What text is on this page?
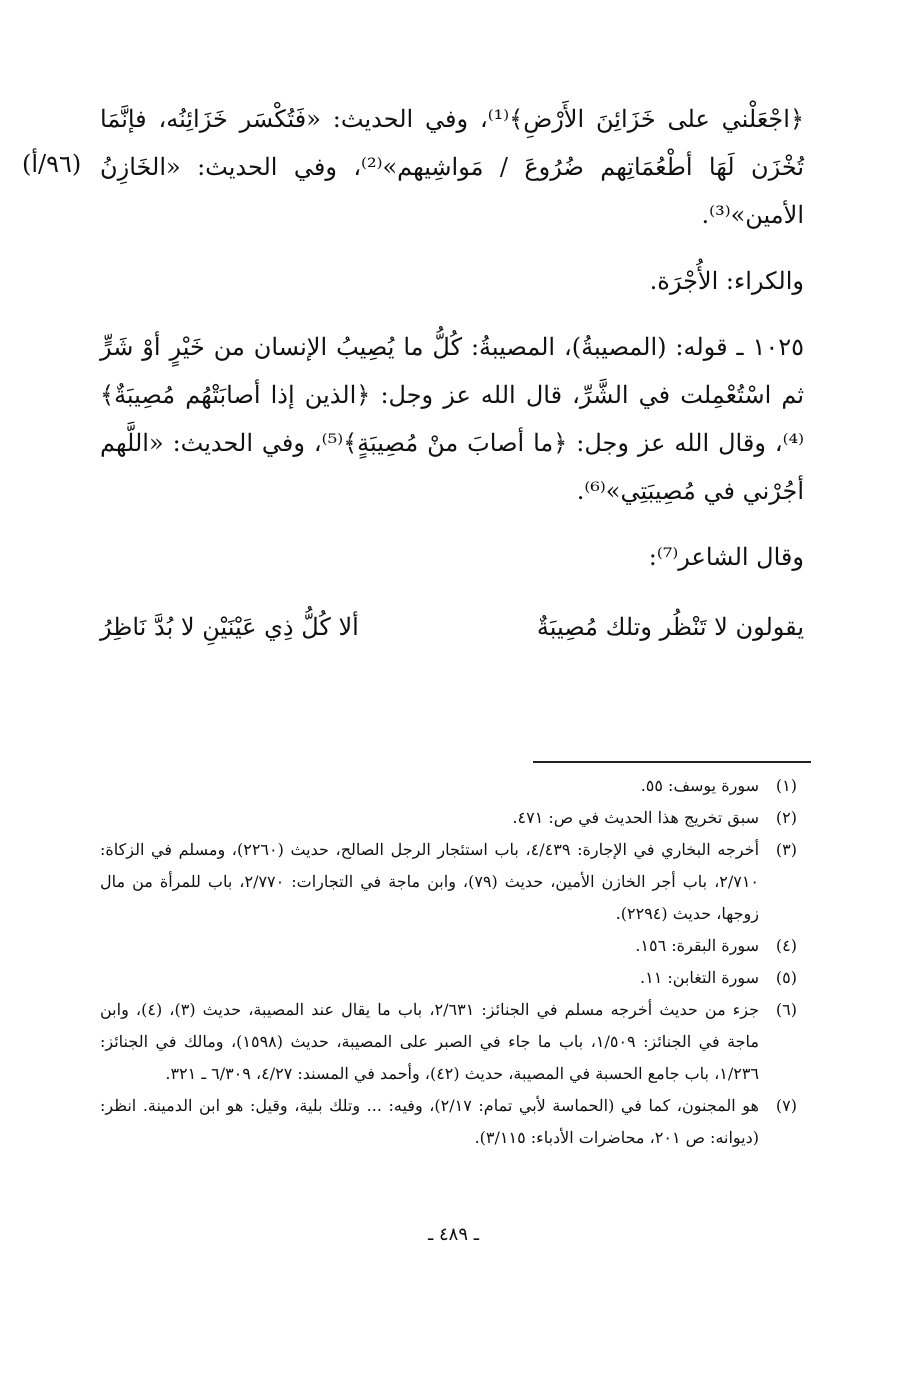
﴿اجْعَلْني على خَزَائِنَ الأَرْضِ﴾⁽¹⁾، وفي الحديث: «فَتُكْسَر خَزَائِنُه، فإنَّمَا تُخْزَن لَهَا أطْعُمَاتِهم ضُرُوعَ / مَواشِيهم»⁽²⁾، وفي الحديث: «الخَازِنُ الأمين»⁽³⁾.

والكراء: الأُجْرَة.

١٠٢٥ ـ قوله: (المصيبةُ)، المصيبةُ: كُلُّ ما يُصِيبُ الإنسان من خَيْرٍ أوْ شَرٍّ ثم اسْتُعْمِلت في الشَّرِّ، قال الله عز وجل: ﴿الذين إذا أصابَتْهُم مُصِيبَةٌ﴾⁽⁴⁾، وقال الله عز وجل: ﴿ما أصابَ منْ مُصِيبَةٍ﴾⁽⁵⁾، وفي الحديث: «اللَّهم أجُرْني في مُصِيبَتِي»⁽⁶⁾.

وقال الشاعر⁽⁷⁾:

(٩٦/أ)
يقولون لا تَنْظُر وتلك مُصِيبَةٌ
ألا كُلُّ ذِي عَيْنَيْنِ لا بُدَّ نَاظِرُ
(١)
سورة يوسف: ٥٥.
(٢)
سبق تخريج هذا الحديث في ص: ٤٧١.
(٣)
أخرجه البخاري في الإجارة: ٤/٤٣٩، باب استئجار الرجل الصالح، حديث (٢٢٦٠)، ومسلم في الزكاة: ٢/٧١٠، باب أجر الخازن الأمين، حديث (٧٩)، وابن ماجة في التجارات: ٢/٧٧٠، باب للمرأة من مال زوجها، حديث (٢٢٩٤).
(٤)
سورة البقرة: ١٥٦.
(٥)
سورة التغابن: ١١.
(٦)
جزء من حديث أخرجه مسلم في الجنائز: ٢/٦٣١، باب ما يقال عند المصيبة، حديث (٣)، (٤)، وابن ماجة في الجنائز: ١/٥٠٩، باب ما جاء في الصبر على المصيبة، حديث (١٥٩٨)، ومالك في الجنائز: ١/٢٣٦، باب جامع الحسبة في المصيبة، حديث (٤٢)، وأحمد في المسند: ٤/٢٧، ٦/٣٠٩ ـ ٣٢١.
(٧)
هو المجنون، كما في (الحماسة لأبي تمام: ٢/١٧)، وفيه: ... وتلك بلية، وقيل: هو ابن الدمينة. انظر: (ديوانه: ص ٢٠١، محاضرات الأدباء: ٣/١١٥).
ـ ٤٨٩ ـ
